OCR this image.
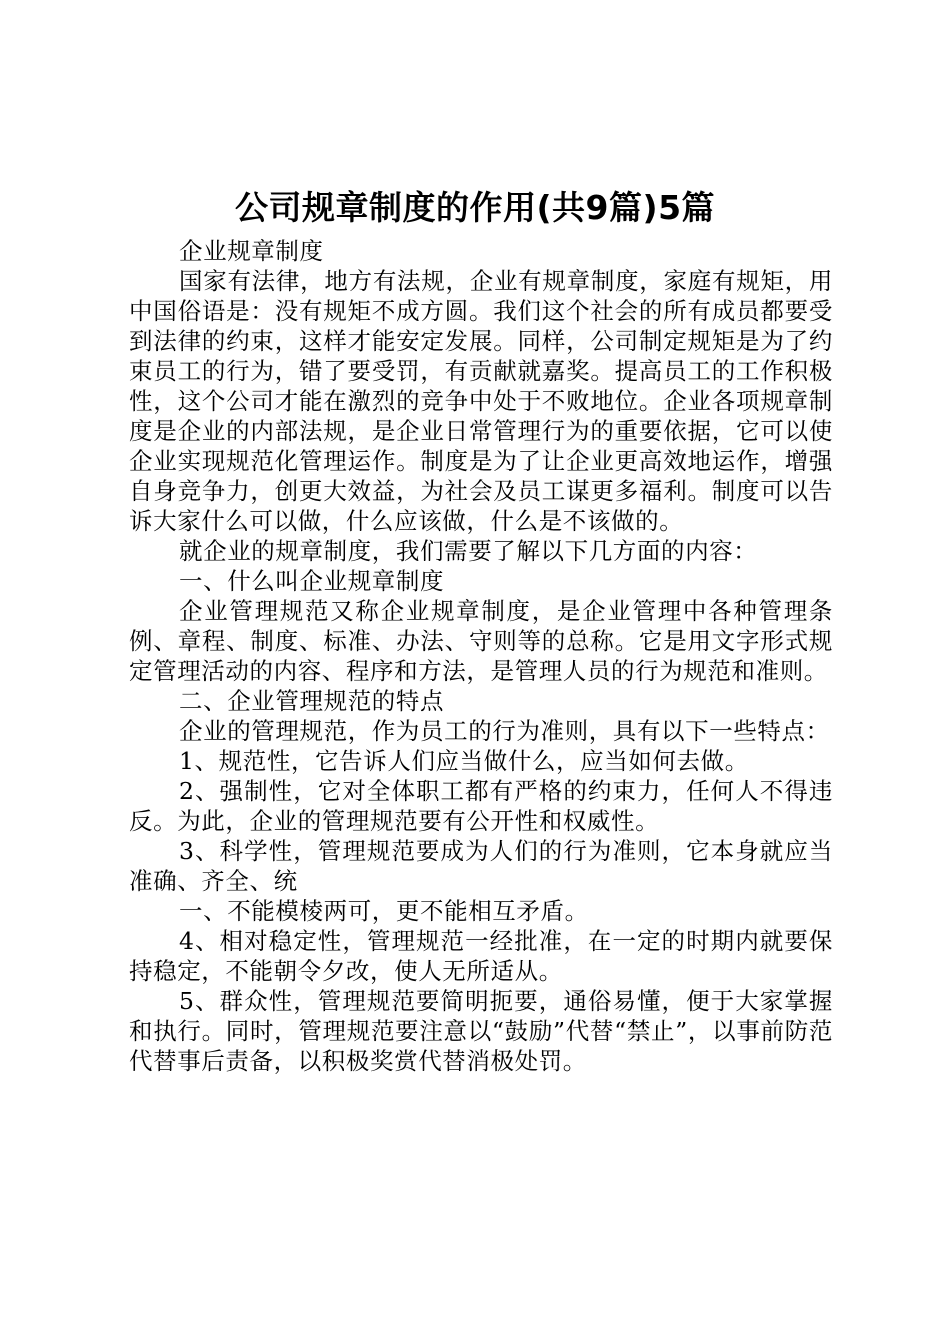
公司规章制度的作用(共9篇)5篇

企业规章制度

国家有法律，地方有法规，企业有规章制度，家庭有规矩，用中国俗语是：没有规矩不成方圆。我们这个社会的所有成员都要受到法律的约束，这样才能安定发展。同样，公司制定规矩是为了约束员工的行为，错了要受罚，有贡献就嘉奖。提高员工的工作积极性，这个公司才能在激烈的竞争中处于不败地位。企业各项规章制度是企业的内部法规，是企业日常管理行为的重要依据，它可以使企业实现规范化管理运作。制度是为了让企业更高效地运作，增强自身竞争力，创更大效益，为社会及员工谋更多福利。制度可以告诉大家什么可以做，什么应该做，什么是不该做的。

就企业的规章制度，我们需要了解以下几方面的内容：

一、什么叫企业规章制度

企业管理规范又称企业规章制度，是企业管理中各种管理条例、章程、制度、标准、办法、守则等的总称。它是用文字形式规定管理活动的内容、程序和方法，是管理人员的行为规范和准则。

二、企业管理规范的特点

企业的管理规范，作为员工的行为准则，具有以下一些特点：

1、规范性，它告诉人们应当做什么，应当如何去做。

2、强制性，它对全体职工都有严格的约束力，任何人不得违反。为此，企业的管理规范要有公开性和权威性。

3、科学性，管理规范要成为人们的行为准则，它本身就应当准确、齐全、统

一、不能模棱两可，更不能相互矛盾。

4、相对稳定性，管理规范一经批准，在一定的时期内就要保持稳定，不能朝令夕改，使人无所适从。

5、群众性，管理规范要简明扼要，通俗易懂，便于大家掌握和执行。同时，管理规范要注意以“鼓励”代替“禁止”，以事前防范代替事后责备，以积极奖赏代替消极处罚。
